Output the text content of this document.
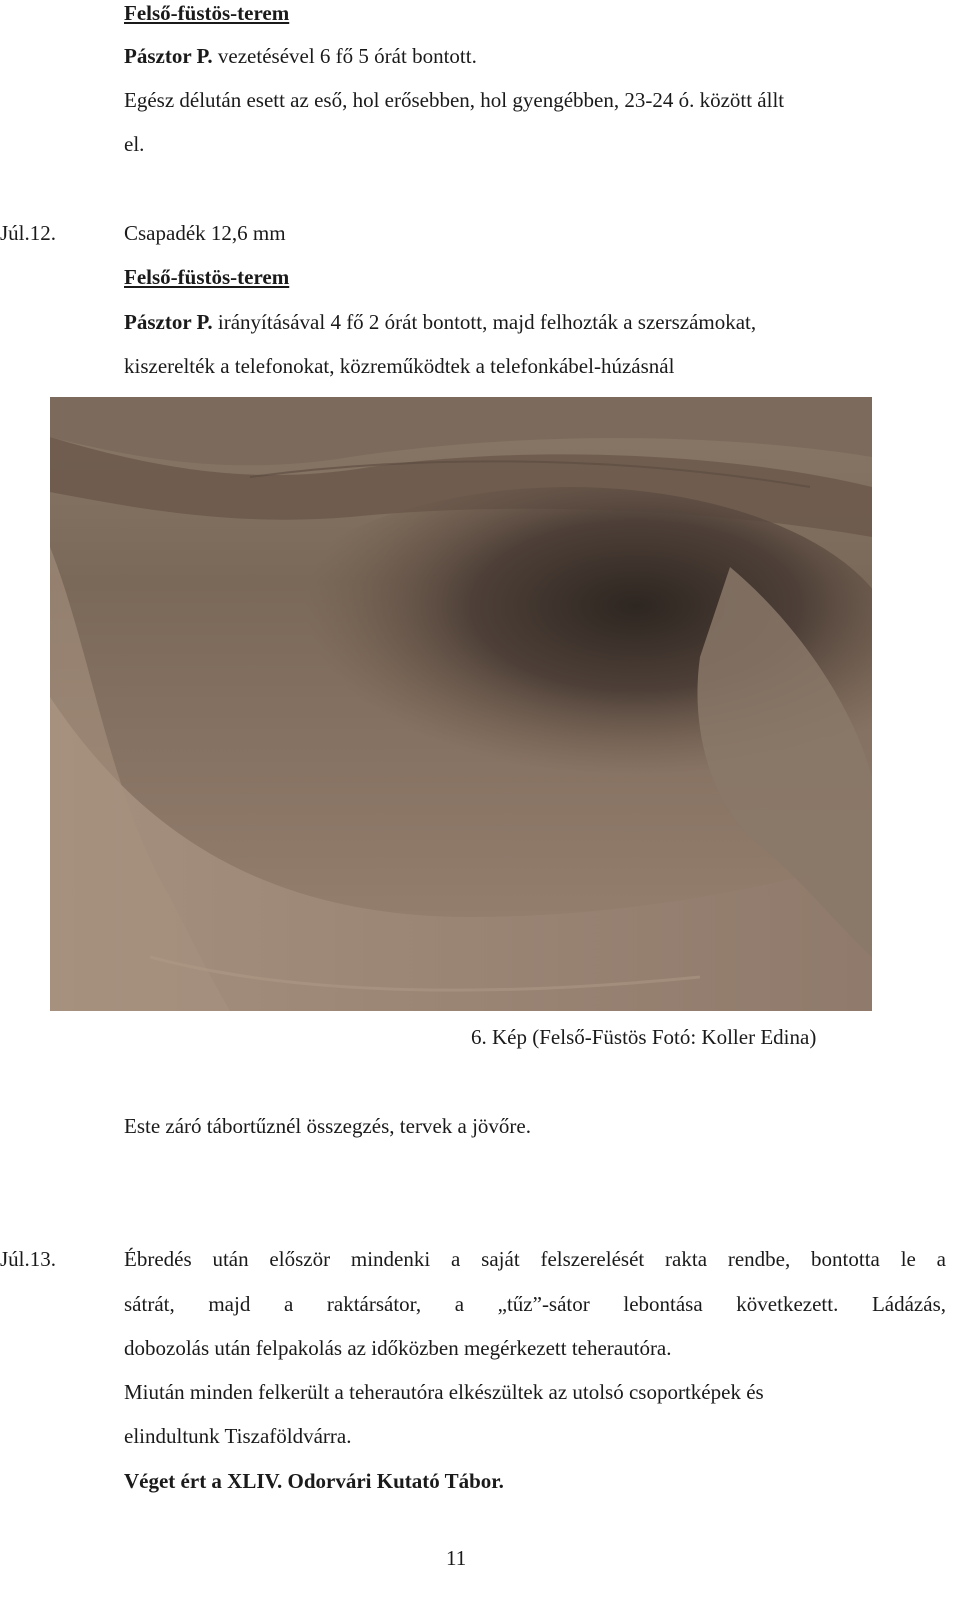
Felső-füstös-terem
Pásztor P. vezetésével 6 fő 5 órát bontott.
Egész délután esett az eső, hol erősebben, hol gyengébben, 23-24 ó. között állt
el.
Júl.12.	Csapadék 12,6 mm
Felső-füstös-terem
Pásztor P. irányításával 4 fő 2 órát bontott, majd felhozták a szerszámokat,
kiszerelték a telefonokat, közreműködtek a telefonkábel-húzásnál
6. Kép (Felső-Füstös Fotó: Koller Edina)
Este záró tábortűznél összegzés, tervek a jövőre.
Júl.13.	Ébredés után először mindenki a saját felszerelését rakta rendbe, bontotta le a
sátrát, majd a raktársátor, a „tűz”-sátor lebontása következett. Ládázás,
dobozolás után felpakolás az időközben megérkezett teherautóra.
Miután minden felkerült a teherautóra elkészültek az utolsó csoportképek és
elindultunk Tiszaföldvárra.
Véget ért a XLIV. Odorvári Kutató Tábor.
11
